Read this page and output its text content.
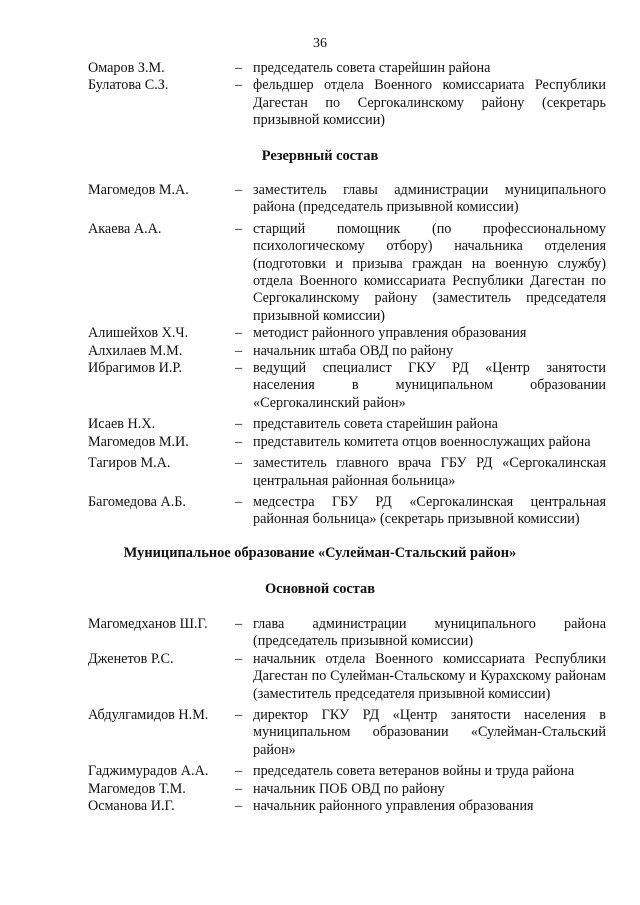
36
Омаров З.М.	– председатель совета старейшин района
Булатова С.З.	– фельдшер отдела Военного комиссариата Республики Дагестан по Сергокалинскому району (секретарь призывной комиссии)
Резервный состав
Магомедов М.А.	– заместитель главы администрации муниципального района (председатель призывной комиссии)
Акаева А.А.	– старщий помощник (по профессиональному психологическому отбору) начальника отделения (подготовки и призыва граждан на военную службу) отдела Военного комиссариата Республики Дагестан по Сергокалинскому району (заместитель председателя призывной комиссии)
Алишейхов Х.Ч.	– методист районного управления образования
Алхилаев М.М.	– начальник штаба ОВД по району
Ибрагимов И.Р.	– ведущий специалист ГКУ РД «Центр занятости населения в муниципальном образовании «Сергокалинский район»
Исаев Н.Х.	– представитель совета старейшин района
Магомедов М.И.	– представитель комитета отцов военнослужащих района
Тагиров М.А.	– заместитель главного врача ГБУ РД «Сергокалинская центральная районная больница»
Багомедова А.Б.	– медсестра ГБУ РД «Сергокалинская центральная районная больница» (секретарь призывной комиссии)
Муниципальное образование «Сулейман-Стальский район»
Основной состав
Магомедханов Ш.Г.	– глава администрации муниципального района (председатель призывной комиссии)
Дженетов Р.С.	– начальник отдела Военного комиссариата Республики Дагестан по Сулейман-Стальскому и Курахскому районам (заместитель председателя призывной комиссии)
Абдулгамидов Н.М.	– директор ГКУ РД «Центр занятости населения в муниципальном образовании «Сулейман-Стальский район»
Гаджимурадов А.А.	– председатель совета ветеранов войны и труда района
Магомедов Т.М.	– начальник ПОБ ОВД по району
Османова И.Г.	– начальник районного управления образования
